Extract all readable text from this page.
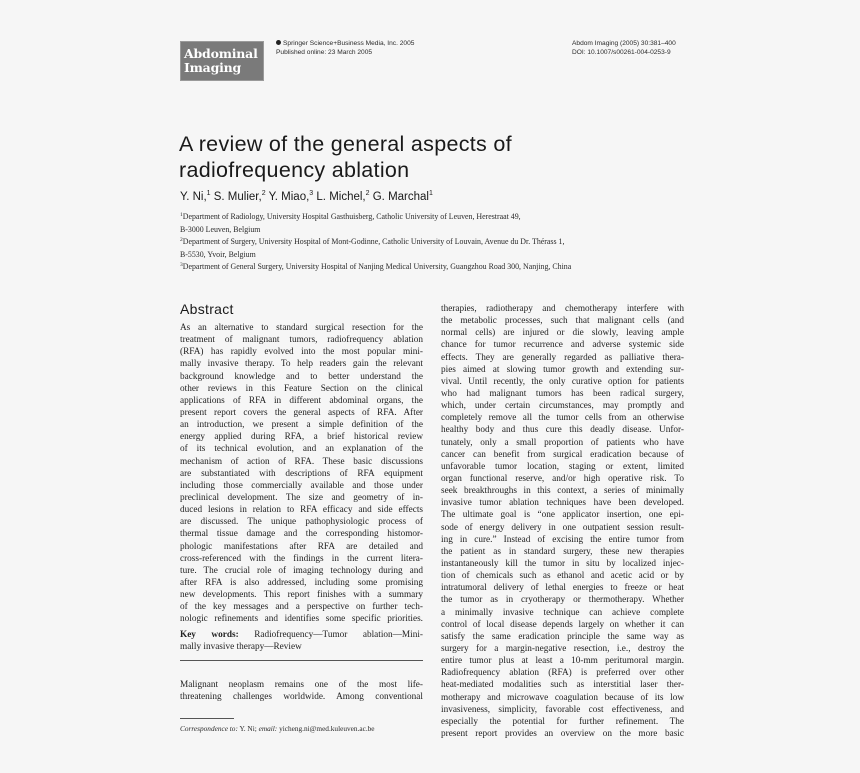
Abdominal
Imaging
Springer Science+Business Media, Inc. 2005
Published online: 23 March 2005
Abdom Imaging (2005) 30:381–400
DOI: 10.1007/s00261-004-0253-9
A review of the general aspects of
radiofrequency ablation
Y. Ni,$^1$ S. Mulier,$^2$ Y. Miao,$^3$ L. Michel,$^2$ G. Marchal$^1$
$^1$Department of Radiology, University Hospital Gasthuisberg, Catholic University of Leuven, Herestraat 49,
B-3000 Leuven, Belgium
$^2$Department of Surgery, University Hospital of Mont-Godinne, Catholic University of Louvain, Avenue du Dr. Thérass 1,
B-5530, Yvoir, Belgium
$^3$Department of General Surgery, University Hospital of Nanjing Medical University, Guangzhou Road 300, Nanjing, China
Abstract
As an alternative to standard surgical resection for the
treatment of malignant tumors, radiofrequency ablation
(RFA) has rapidly evolved into the most popular mini-
mally invasive therapy. To help readers gain the relevant
background knowledge and to better understand the
other reviews in this Feature Section on the clinical
applications of RFA in different abdominal organs, the
present report covers the general aspects of RFA. After
an introduction, we present a simple definition of the
energy applied during RFA, a brief historical review
of its technical evolution, and an explanation of the
mechanism of action of RFA. These basic discussions
are substantiated with descriptions of RFA equipment
including those commercially available and those under
preclinical development. The size and geometry of in-
duced lesions in relation to RFA efficacy and side effects
are discussed. The unique pathophysiologic process of
thermal tissue damage and the corresponding histomor-
phologic manifestations after RFA are detailed and
cross-referenced with the findings in the current litera-
ture. The crucial role of imaging technology during and
after RFA is also addressed, including some promising
new developments. This report finishes with a summary
of the key messages and a perspective on further tech-
nologic refinements and identifies some specific priorities.
Key words: Radiofrequency—Tumor ablation—Mini-
mally invasive therapy—Review
Malignant neoplasm remains one of the most life-
threatening challenges worldwide. Among conventional
Correspondence to: Y. Ni; email: yicheng.ni@med.kuleuven.ac.be
therapies, radiotherapy and chemotherapy interfere with
the metabolic processes, such that malignant cells (and
normal cells) are injured or die slowly, leaving ample
chance for tumor recurrence and adverse systemic side
effects. They are generally regarded as palliative thera-
pies aimed at slowing tumor growth and extending sur-
vival. Until recently, the only curative option for patients
who had malignant tumors has been radical surgery,
which, under certain circumstances, may promptly and
completely remove all the tumor cells from an otherwise
healthy body and thus cure this deadly disease. Unfor-
tunately, only a small proportion of patients who have
cancer can benefit from surgical eradication because of
unfavorable tumor location, staging or extent, limited
organ functional reserve, and/or high operative risk. To
seek breakthroughs in this context, a series of minimally
invasive tumor ablation techniques have been developed.
The ultimate goal is “one applicator insertion, one epi-
sode of energy delivery in one outpatient session result-
ing in cure.” Instead of excising the entire tumor from
the patient as in standard surgery, these new therapies
instantaneously kill the tumor in situ by localized injec-
tion of chemicals such as ethanol and acetic acid or by
intratumoral delivery of lethal energies to freeze or heat
the tumor as in cryotherapy or thermotherapy. Whether
a minimally invasive technique can achieve complete
control of local disease depends largely on whether it can
satisfy the same eradication principle the same way as
surgery for a margin-negative resection, i.e., destroy the
entire tumor plus at least a 10-mm peritumoral margin.
Radiofrequency ablation (RFA) is preferred over other
heat-mediated modalities such as interstitial laser ther-
motherapy and microwave coagulation because of its low
invasiveness, simplicity, favorable cost effectiveness, and
especially the potential for further refinement. The
present report provides an overview on the more basic
